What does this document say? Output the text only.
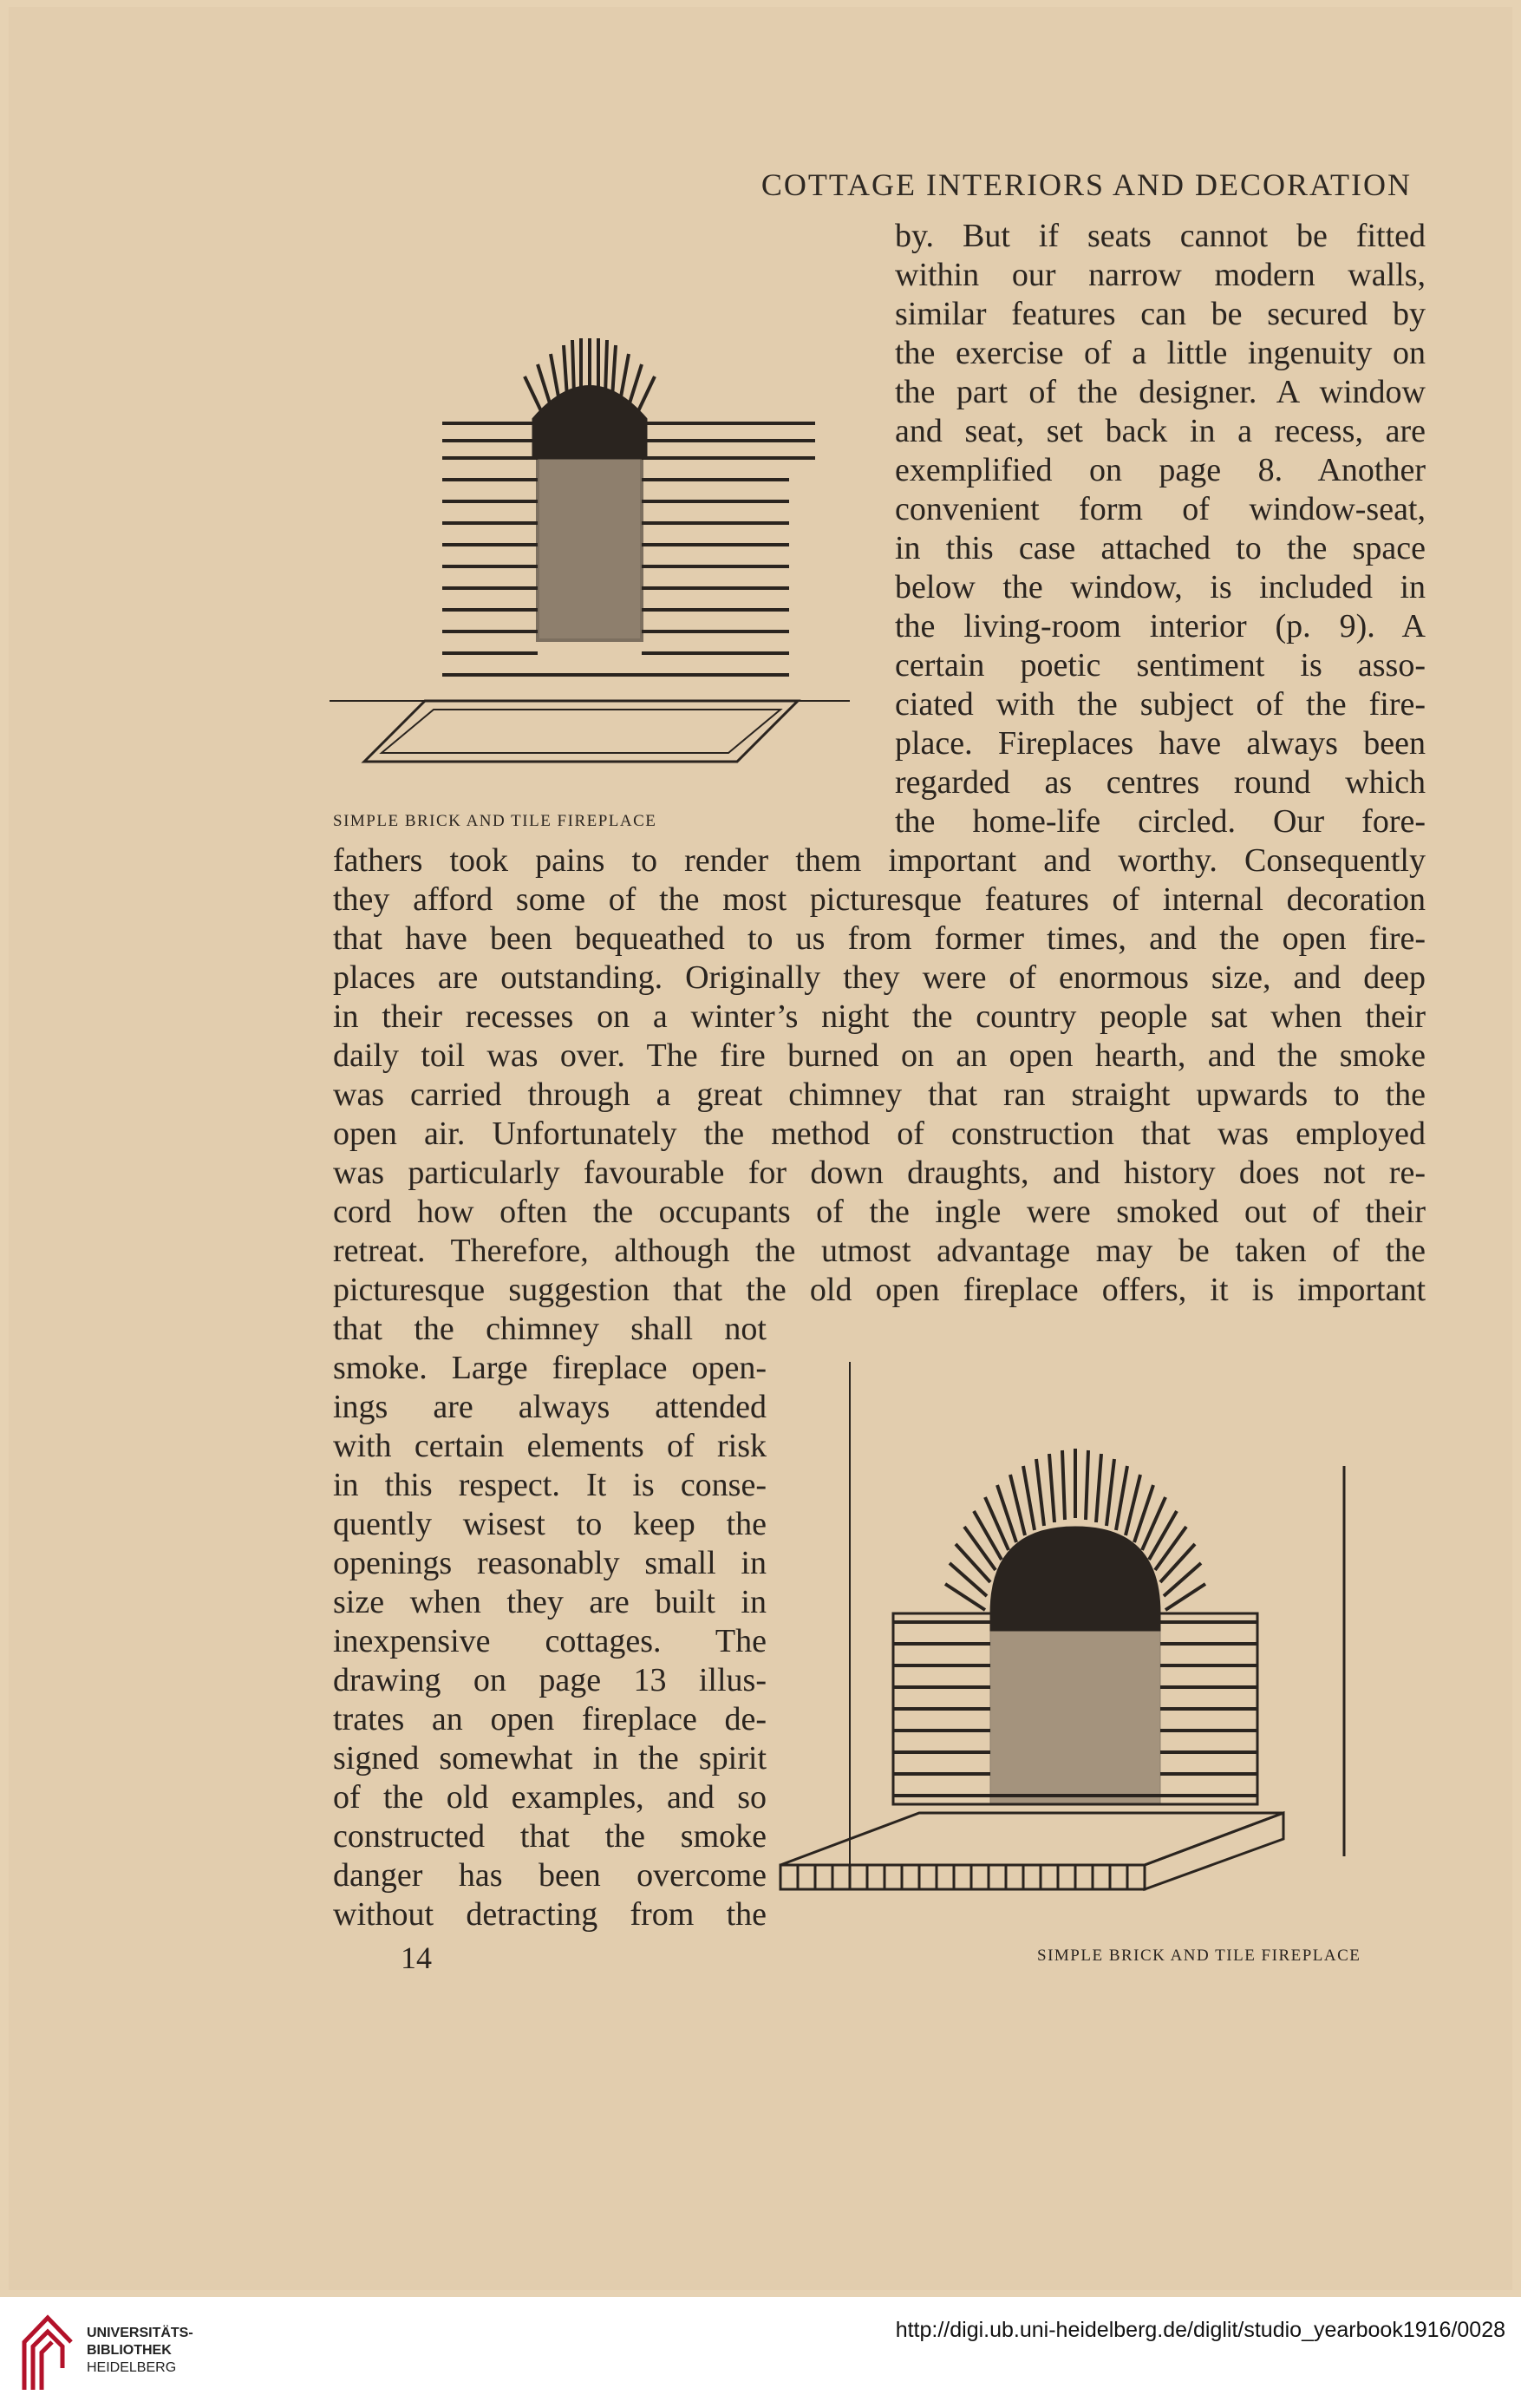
COTTAGE INTERIORS AND DECORATION
SIMPLE BRICK AND TILE FIREPLACE
by. But if seats cannot be fitted
within our narrow modern walls,
similar features can be secured by
the exercise of a little ingenuity on
the part of the designer. A window
and seat, set back in a recess, are
exemplified on page 8. Another
convenient form of window-seat,
in this case attached to the space
below the window, is included in
the living-room interior (p. 9). A
certain poetic sentiment is asso-
ciated with the subject of the fire-
place. Fireplaces have always been
regarded as centres round which
the home-life circled. Our fore-
fathers took pains to render them important and worthy. Consequently
they afford some of the most picturesque features of internal decoration
that have been bequeathed to us from former times, and the open fire-
places are outstanding. Originally they were of enormous size, and deep
in their recesses on a winter’s night the country people sat when their
daily toil was over. The fire burned on an open hearth, and the smoke
was carried through a great chimney that ran straight upwards to the
open air. Unfortunately the method of construction that was employed
was particularly favourable for down draughts, and history does not re-
cord how often the occupants of the ingle were smoked out of their
retreat. Therefore, although the utmost advantage may be taken of the
picturesque suggestion that the old open fireplace offers, it is important
that the chimney shall not
smoke. Large fireplace open-
ings are always attended
with certain elements of risk
in this respect. It is conse-
quently wisest to keep the
openings reasonably small in
size when they are built in
inexpensive cottages. The
drawing on page 13 illus-
trates an open fireplace de-
signed somewhat in the spirit
of the old examples, and so
constructed that the smoke
danger has been overcome
without detracting from the
SIMPLE BRICK AND TILE FIREPLACE
14
UNIVERSITÄTS-
BIBLIOTHEK
HEIDELBERG
http://digi.ub.uni-heidelberg.de/diglit/studio_yearbook1916/0028
